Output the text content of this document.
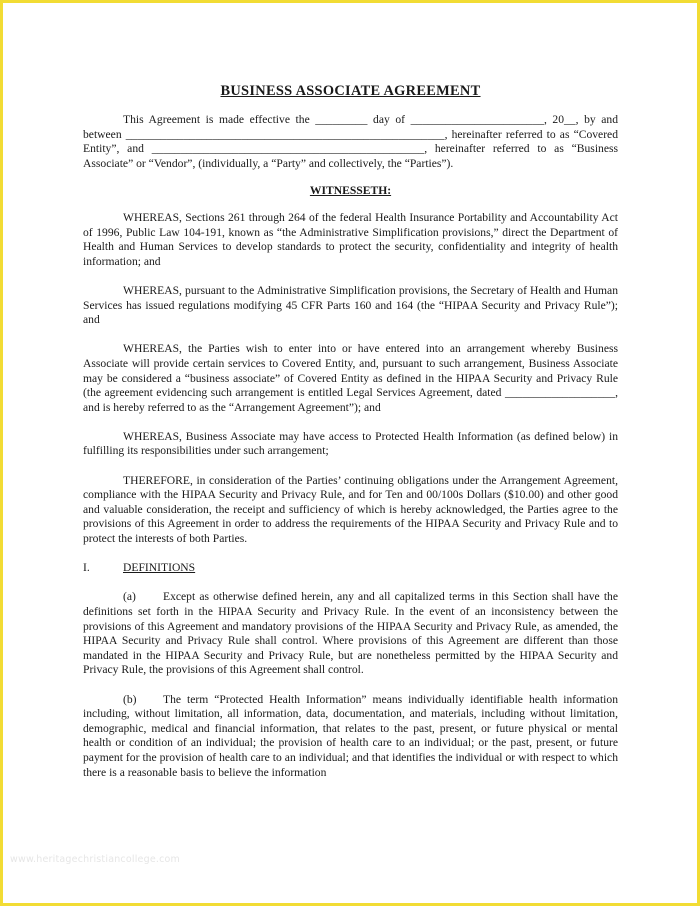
BUSINESS ASSOCIATE AGREEMENT

This Agreement is made effective the _________ day of _______________________, 20__, by and between _______________________________________________________, hereinafter referred to as “Covered Entity”, and _______________________________________________, hereinafter referred to as “Business Associate” or “Vendor”, (individually, a “Party” and collectively, the “Parties”).

WITNESSETH:

WHEREAS, Sections 261 through 264 of the federal Health Insurance Portability and Accountability Act of 1996, Public Law 104-191, known as “the Administrative Simplification provisions,” direct the Department of Health and Human Services to develop standards to protect the security, confidentiality and integrity of health information; and

WHEREAS, pursuant to the Administrative Simplification provisions, the Secretary of Health and Human Services has issued regulations modifying 45 CFR Parts 160 and 164 (the “HIPAA Security and Privacy Rule”); and

WHEREAS, the Parties wish to enter into or have entered into an arrangement whereby Business Associate will provide certain services to Covered Entity, and, pursuant to such arrangement, Business Associate may be considered a “business associate” of Covered Entity as defined in the HIPAA Security and Privacy Rule (the agreement evidencing such arrangement is entitled Legal Services Agreement, dated ___________________, and is hereby referred to as the “Arrangement Agreement”); and

WHEREAS, Business Associate may have access to Protected Health Information (as defined below) in fulfilling its responsibilities under such arrangement;

THEREFORE, in consideration of the Parties’ continuing obligations under the Arrangement Agreement, compliance with the HIPAA Security and Privacy Rule, and for Ten and 00/100s Dollars ($10.00) and other good and valuable consideration, the receipt and sufficiency of which is hereby acknowledged, the Parties agree to the provisions of this Agreement in order to address the requirements of the HIPAA Security and Privacy Rule and to protect the interests of both Parties.

I.	DEFINITIONS

(a) Except as otherwise defined herein, any and all capitalized terms in this Section shall have the definitions set forth in the HIPAA Security and Privacy Rule. In the event of an inconsistency between the provisions of this Agreement and mandatory provisions of the HIPAA Security and Privacy Rule, as amended, the HIPAA Security and Privacy Rule shall control. Where provisions of this Agreement are different than those mandated in the HIPAA Security and Privacy Rule, but are nonetheless permitted by the HIPAA Security and Privacy Rule, the provisions of this Agreement shall control.

(b) The term “Protected Health Information” means individually identifiable health information including, without limitation, all information, data, documentation, and materials, including without limitation, demographic, medical and financial information, that relates to the past, present, or future physical or mental health or condition of an individual; the provision of health care to an individual; or the past, present, or future payment for the provision of health care to an individual; and that identifies the individual or with respect to which there is a reasonable basis to believe the information

www.heritagechristiancollege.com
